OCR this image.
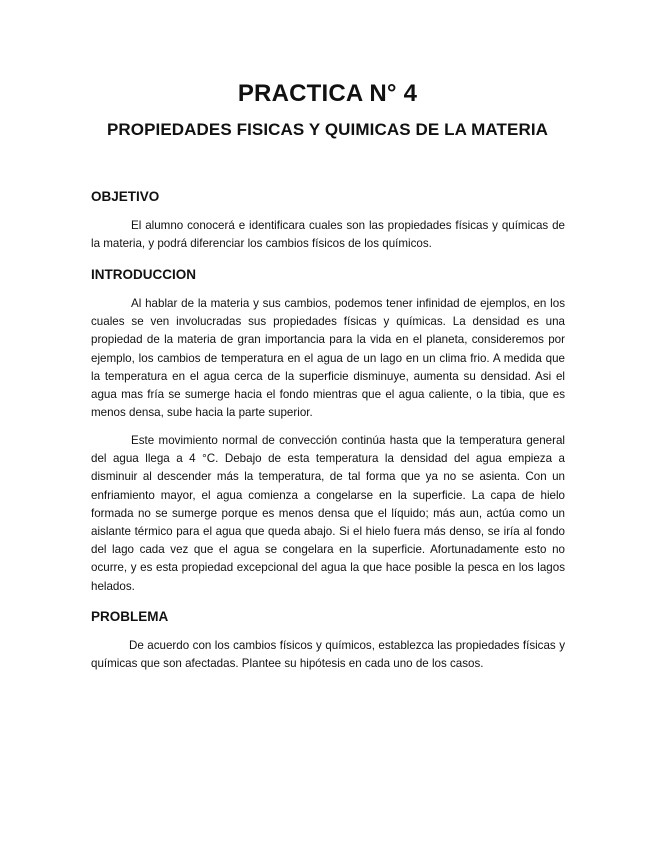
PRACTICA N° 4
PROPIEDADES FISICAS Y QUIMICAS DE LA MATERIA
OBJETIVO

El alumno conocerá e identificara cuales son las propiedades físicas y químicas de la materia, y podrá diferenciar los cambios físicos de los químicos.

INTRODUCCION

Al hablar de la materia y sus cambios, podemos tener infinidad de ejemplos, en los cuales se ven involucradas sus propiedades físicas y químicas. La densidad es una propiedad de la materia de gran importancia para la vida en el planeta, consideremos por ejemplo, los cambios de temperatura en el agua de un lago en un clima frio. A medida que la temperatura en el agua cerca de la superficie disminuye, aumenta su densidad. Asi el agua mas fría se sumerge hacia el fondo mientras que el agua caliente, o la tibia, que es menos densa, sube hacia la parte superior.

Este movimiento normal de convección continúa hasta que la temperatura general del agua llega a 4 °C. Debajo de esta temperatura la densidad del agua empieza a disminuir al descender más la temperatura, de tal forma que ya no se asienta. Con un enfriamiento mayor, el agua comienza a congelarse en la superficie. La capa de hielo formada no se sumerge porque es menos densa que el líquido; más aun, actúa como un aislante térmico para el agua que queda abajo. Si el hielo fuera más denso, se iría al fondo del lago cada vez que el agua se congelara en la superficie. Afortunadamente esto no ocurre, y es esta propiedad excepcional del agua la que hace posible la pesca en los lagos helados.

PROBLEMA

De acuerdo con los cambios físicos y químicos, establezca las propiedades físicas y químicas que son afectadas. Plantee su hipótesis en cada uno de los casos.
